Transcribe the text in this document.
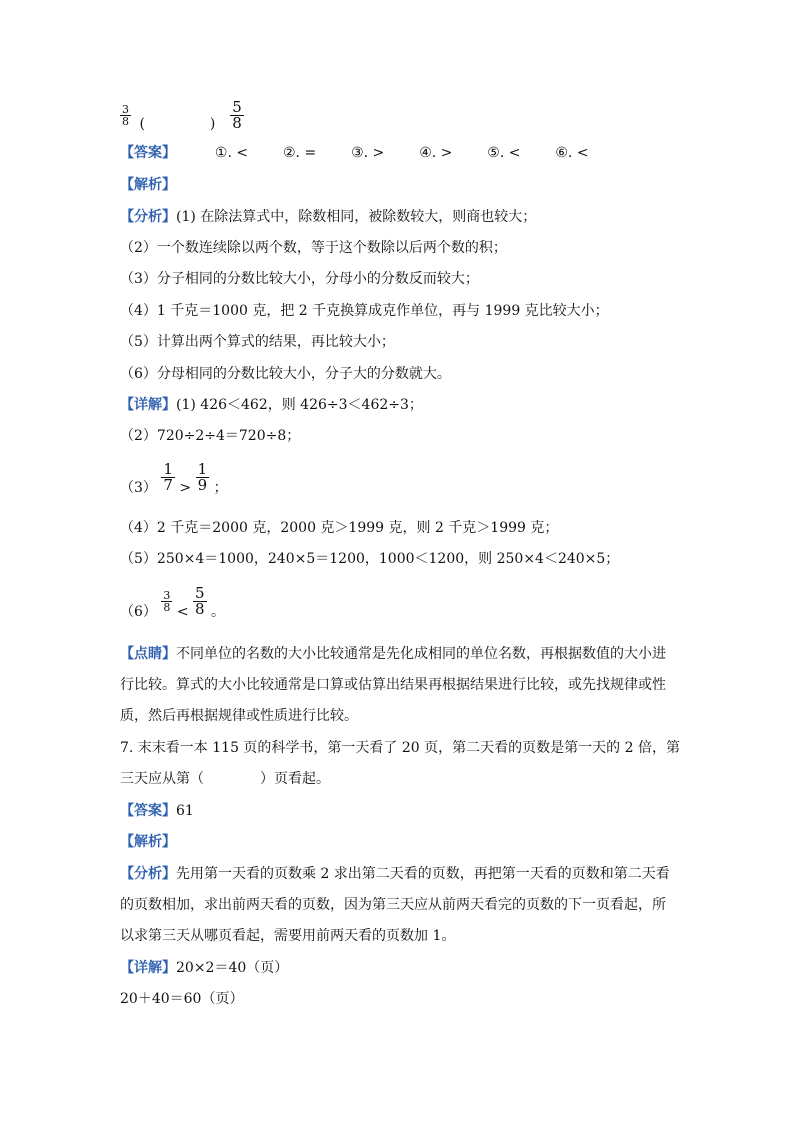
$\frac{3}{8}$ (	) $\frac{5}{8}$
【答案】	①. < ②. = ③. > ④. > ⑤. < ⑥. <
【解析】
【分析】(1) 在除法算式中，除数相同，被除数较大，则商也较大；
（2）一个数连续除以两个数，等于这个数除以后两个数的积；
（3）分子相同的分数比较大小，分母小的分数反而较大；
（4）1 千克＝1000 克，把 2 千克换算成克作单位，再与 1999 克比较大小；
（5）计算出两个算式的结果，再比较大小；
（6）分母相同的分数比较大小，分子大的分数就大。
【详解】(1) 426＜462，则 426÷3＜462÷3；
（2）720÷2÷4＝720÷8；
$(3) \frac{1}{7} > \frac{1}{9}$ ；
（4）2 千克＝2000 克，2000 克＞1999 克，则 2 千克＞1999 克；
（5）250×4＝1000，240×5＝1200，1000＜1200，则 250×4＜240×5；
$(6) \frac{3}{8} < \frac{5}{8}$ 。
【点睛】不同单位的名数的大小比较通常是先化成相同的单位名数，再根据数值的大小进
行比较。算式的大小比较通常是口算或估算出结果再根据结果进行比较，或先找规律或性
质，然后再根据规律或性质进行比较。
7. 末末看一本 115 页的科学书，第一天看了 20 页，第二天看的页数是第一天的 2 倍，第
三天应从第（	）页看起。
【答案】61
【解析】
【分析】先用第一天看的页数乘 2 求出第二天看的页数，再把第一天看的页数和第二天看
的页数相加，求出前两天看的页数，因为第三天应从前两天看完的页数的下一页看起，所
以求第三天从哪页看起，需要用前两天看的页数加 1。
【详解】20×2＝40（页）
20＋40＝60（页）
